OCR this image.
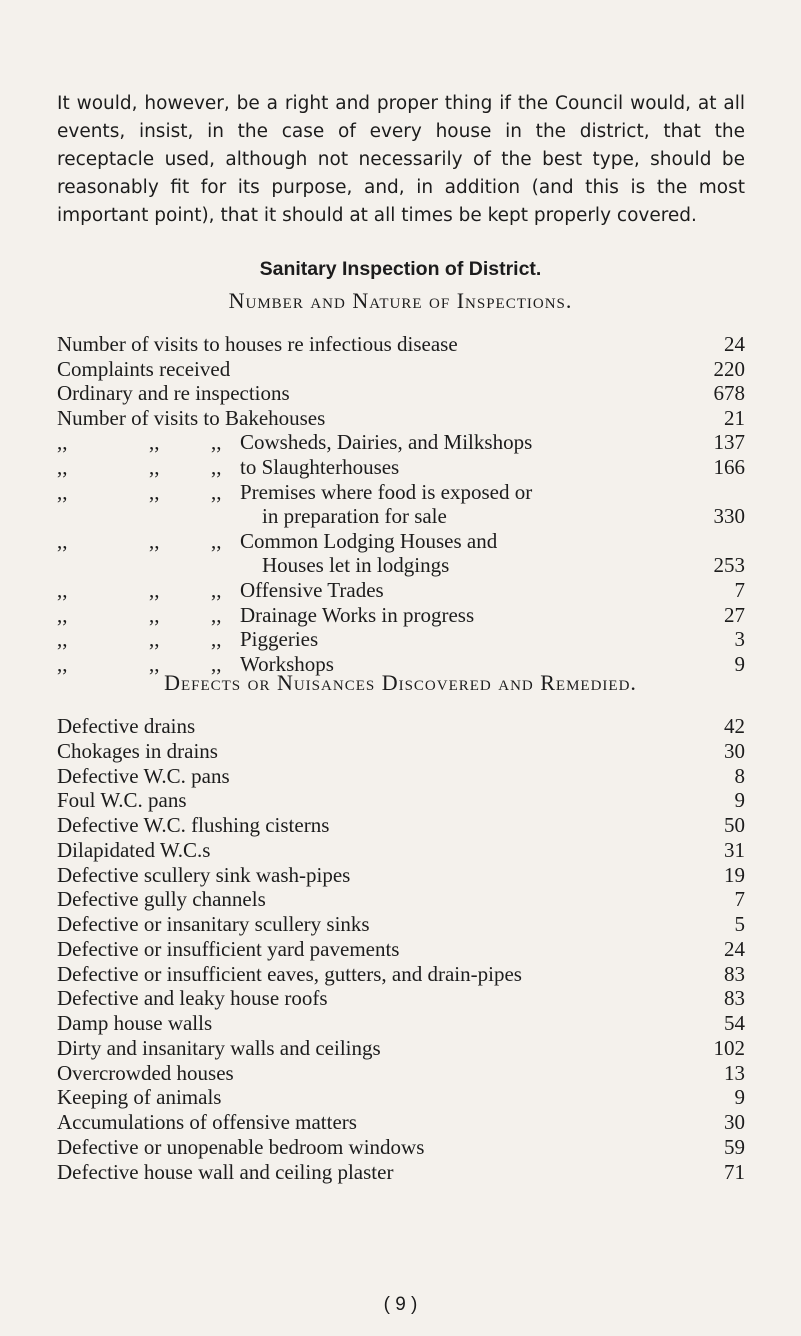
It would, however, be a right and proper thing if the Council would, at all events, insist, in the case of every house in the district, that the receptacle used, although not necessarily of the best type, should be reasonably fit for its purpose, and, in addition (and this is the most important point), that it should at all times be kept properly covered.

Sanitary Inspection of District.

Number and Nature of Inspections.

Number of visits to houses re infectious disease	24
Complaints received	220
Ordinary and re inspections	678
Number of visits to Bakehouses	21
,,	,, ,, Cowsheds, Dairies, and Milkshops	137
,,	,, ,, to Slaughterhouses	166
,,	,, ,, Premises where food is exposed or
in preparation for sale	330
,,	,, ,, Common Lodging Houses and
Houses let in lodgings	253
,,	,, ,, Offensive Trades	7
,,	,, ,, Drainage Works in progress	27
,,	,, ,, Piggeries	3
,,	,, ,, Workshops	9

Defects or Nuisances Discovered and Remedied.

Defective drains	42
Chokages in drains	30
Defective W.C. pans	8
Foul W.C. pans	9
Defective W.C. flushing cisterns	50
Dilapidated W.C.s	31
Defective scullery sink wash-pipes	19
Defective gully channels	7
Defective or insanitary scullery sinks	5
Defective or insufficient yard pavements	24
Defective or insufficient eaves, gutters, and drain-pipes	83
Defective and leaky house roofs	83
Damp house walls	54
Dirty and insanitary walls and ceilings	102
Overcrowded houses	13
Keeping of animals	9
Accumulations of offensive matters	30
Defective or unopenable bedroom windows	59
Defective house wall and ceiling plaster	71

( 9 )
